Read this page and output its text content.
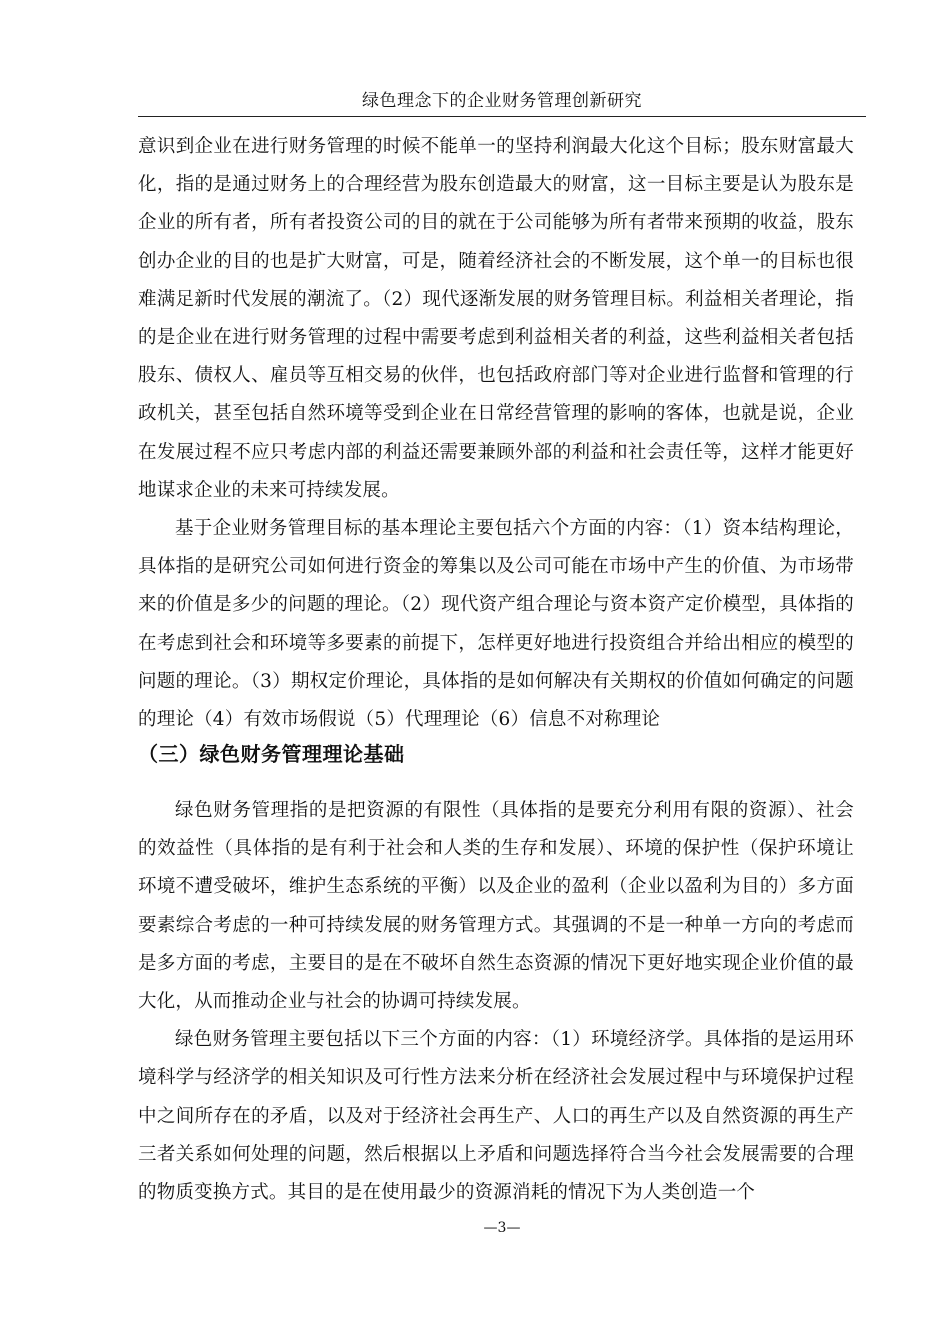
绿色理念下的企业财务管理创新研究

意识到企业在进行财务管理的时候不能单一的坚持利润最大化这个目标；股东财富最大化，指的是通过财务上的合理经营为股东创造最大的财富，这一目标主要是认为股东是企业的所有者，所有者投资公司的目的就在于公司能够为所有者带来预期的收益，股东创办企业的目的也是扩大财富，可是，随着经济社会的不断发展，这个单一的目标也很难满足新时代发展的潮流了。（2）现代逐渐发展的财务管理目标。利益相关者理论，指的是企业在进行财务管理的过程中需要考虑到利益相关者的利益，这些利益相关者包括股东、债权人、雇员等互相交易的伙伴，也包括政府部门等对企业进行监督和管理的行政机关，甚至包括自然环境等受到企业在日常经营管理的影响的客体，也就是说，企业在发展过程不应只考虑内部的利益还需要兼顾外部的利益和社会责任等，这样才能更好地谋求企业的未来可持续发展。

基于企业财务管理目标的基本理论主要包括六个方面的内容：（1）资本结构理论，具体指的是研究公司如何进行资金的筹集以及公司可能在市场中产生的价值、为市场带来的价值是多少的问题的理论。（2）现代资产组合理论与资本资产定价模型，具体指的在考虑到社会和环境等多要素的前提下，怎样更好地进行投资组合并给出相应的模型的问题的理论。（3）期权定价理论，具体指的是如何解决有关期权的价值如何确定的问题的理论（4）有效市场假说（5）代理理论（6）信息不对称理论

（三）绿色财务管理理论基础

绿色财务管理指的是把资源的有限性（具体指的是要充分利用有限的资源）、社会的效益性（具体指的是有利于社会和人类的生存和发展）、环境的保护性（保护环境让环境不遭受破坏，维护生态系统的平衡）以及企业的盈利（企业以盈利为目的）多方面要素综合考虑的一种可持续发展的财务管理方式。其强调的不是一种单一方向的考虑而是多方面的考虑，主要目的是在不破坏自然生态资源的情况下更好地实现企业价值的最大化，从而推动企业与社会的协调可持续发展。

绿色财务管理主要包括以下三个方面的内容：（1）环境经济学。具体指的是运用环境科学与经济学的相关知识及可行性方法来分析在经济社会发展过程中与环境保护过程中之间所存在的矛盾，以及对于经济社会再生产、人口的再生产以及自然资源的再生产三者关系如何处理的问题，然后根据以上矛盾和问题选择符合当今社会发展需要的合理的物质变换方式。其目的是在使用最少的资源消耗的情况下为人类创造一个

—3—
